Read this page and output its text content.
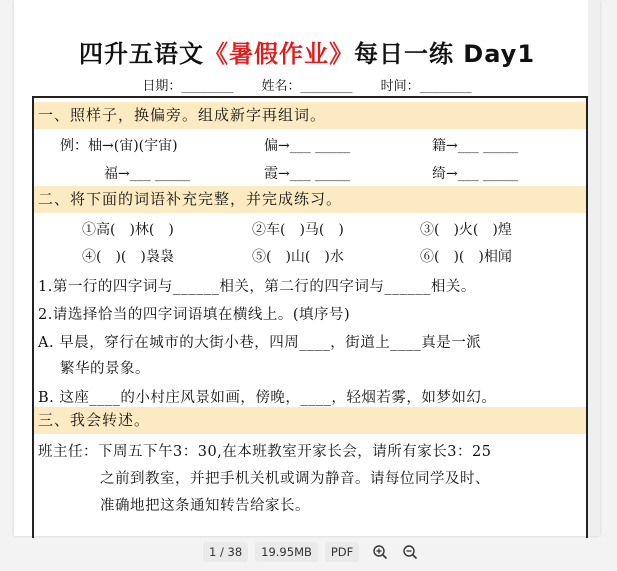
四升五语文《暑假作业》每日一练 Day1
日期：________ 姓名：________ 时间：________
一、照样子，换偏旁。组成新字再组词。
例：柚→(宙)(宇宙)	偏→___ _____	籍→___ _____
福→___ _____	霞→___ _____	绮→___ _____
二、将下面的词语补充完整，并完成练习。
①高(　)林(　)	②车(　)马(　)	③(　)火(　)煌
④(　)(　)袅袅	⑤(　)山(　)水	⑥(　)(　)相闻
1.第一行的四字词与______相关，第二行的四字词与______相关。
2.请选择恰当的四字词语填在横线上。(填序号)
A. 早晨，穿行在城市的大街小巷，四周____，街道上____真是一派
繁华的景象。
B. 这座____的小村庄风景如画，傍晚，____，轻烟若雾，如梦如幻。
三、我会转述。
班主任：下周五下午3：30,在本班教室开家长会，请所有家长3：25
之前到教室，并把手机关机或调为静音。请每位同学及时、
准确地把这条通知转告给家长。
1 / 38	19.95MB	PDF
